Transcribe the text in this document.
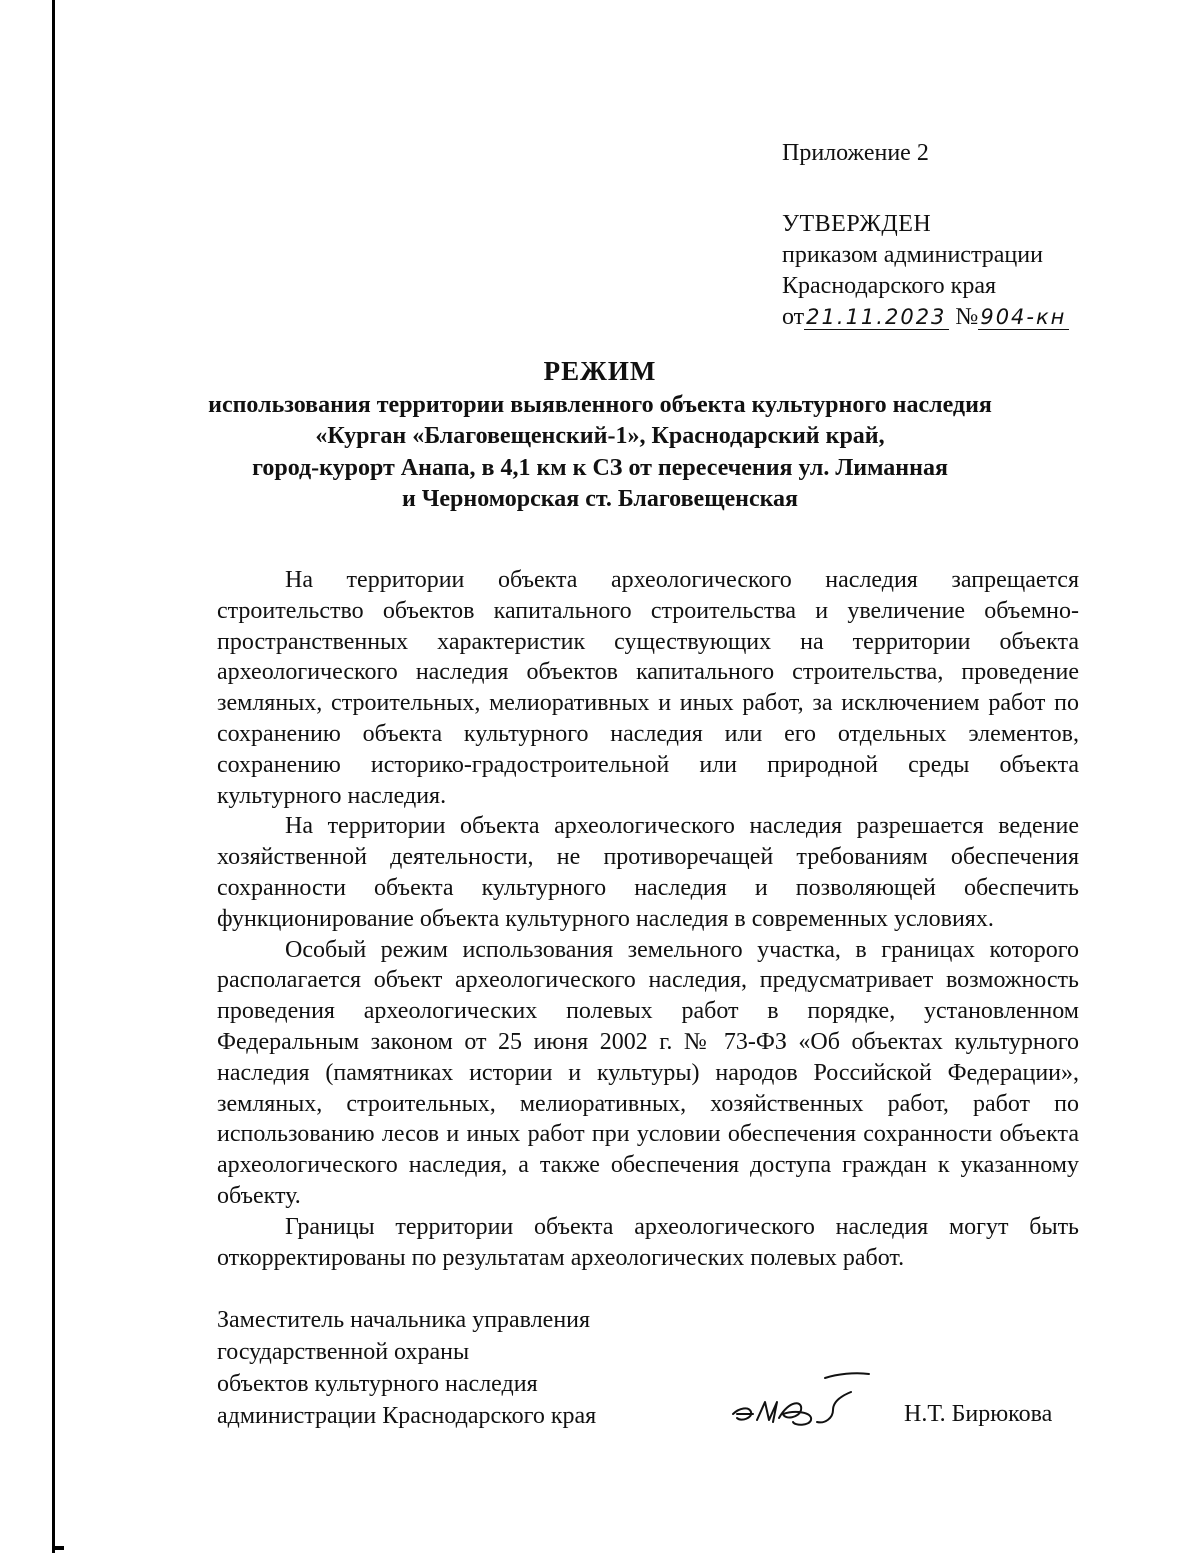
Приложение 2

УТВЕРЖДЕН

приказом администрации

Краснодарского края

от21.11.2023 №904-кн

РЕЖИМ

использования территории выявленного объекта культурного наследия

«Курган «Благовещенский-1», Краснодарский край,

город-курорт Анапа, в 4,1 км к СЗ от пересечения ул. Лиманная

и Черноморская ст. Благовещенская

На территории объекта археологического наследия запрещается строительство объектов капитального строительства и увеличение объемно-пространственных характеристик существующих на территории объекта археологического наследия объектов капитального строительства, проведение земляных, строительных, мелиоративных и иных работ, за исключением работ по сохранению объекта культурного наследия или его отдельных элементов, сохранению историко-градостроительной или природной среды объекта культурного наследия.

На территории объекта археологического наследия разрешается ведение хозяйственной деятельности, не противоречащей требованиям обеспечения сохранности объекта культурного наследия и позволяющей обеспечить функционирование объекта культурного наследия в современных условиях.

Особый режим использования земельного участка, в границах которого располагается объект археологического наследия, предусматривает возможность проведения археологических полевых работ в порядке, установленном Федеральным законом от 25 июня 2002 г. № 73-ФЗ «Об объектах культурного наследия (памятниках истории и культуры) народов Российской Федерации», земляных, строительных, мелиоративных, хозяйственных работ, работ по использованию лесов и иных работ при условии обеспечения сохранности объекта археологического наследия, а также обеспечения доступа граждан к указанному объекту.

Границы территории объекта археологического наследия могут быть откорректированы по результатам археологических полевых работ.

Заместитель начальника управления

государственной охраны

объектов культурного наследия

администрации Краснодарского края	Н.Т. Бирюкова
